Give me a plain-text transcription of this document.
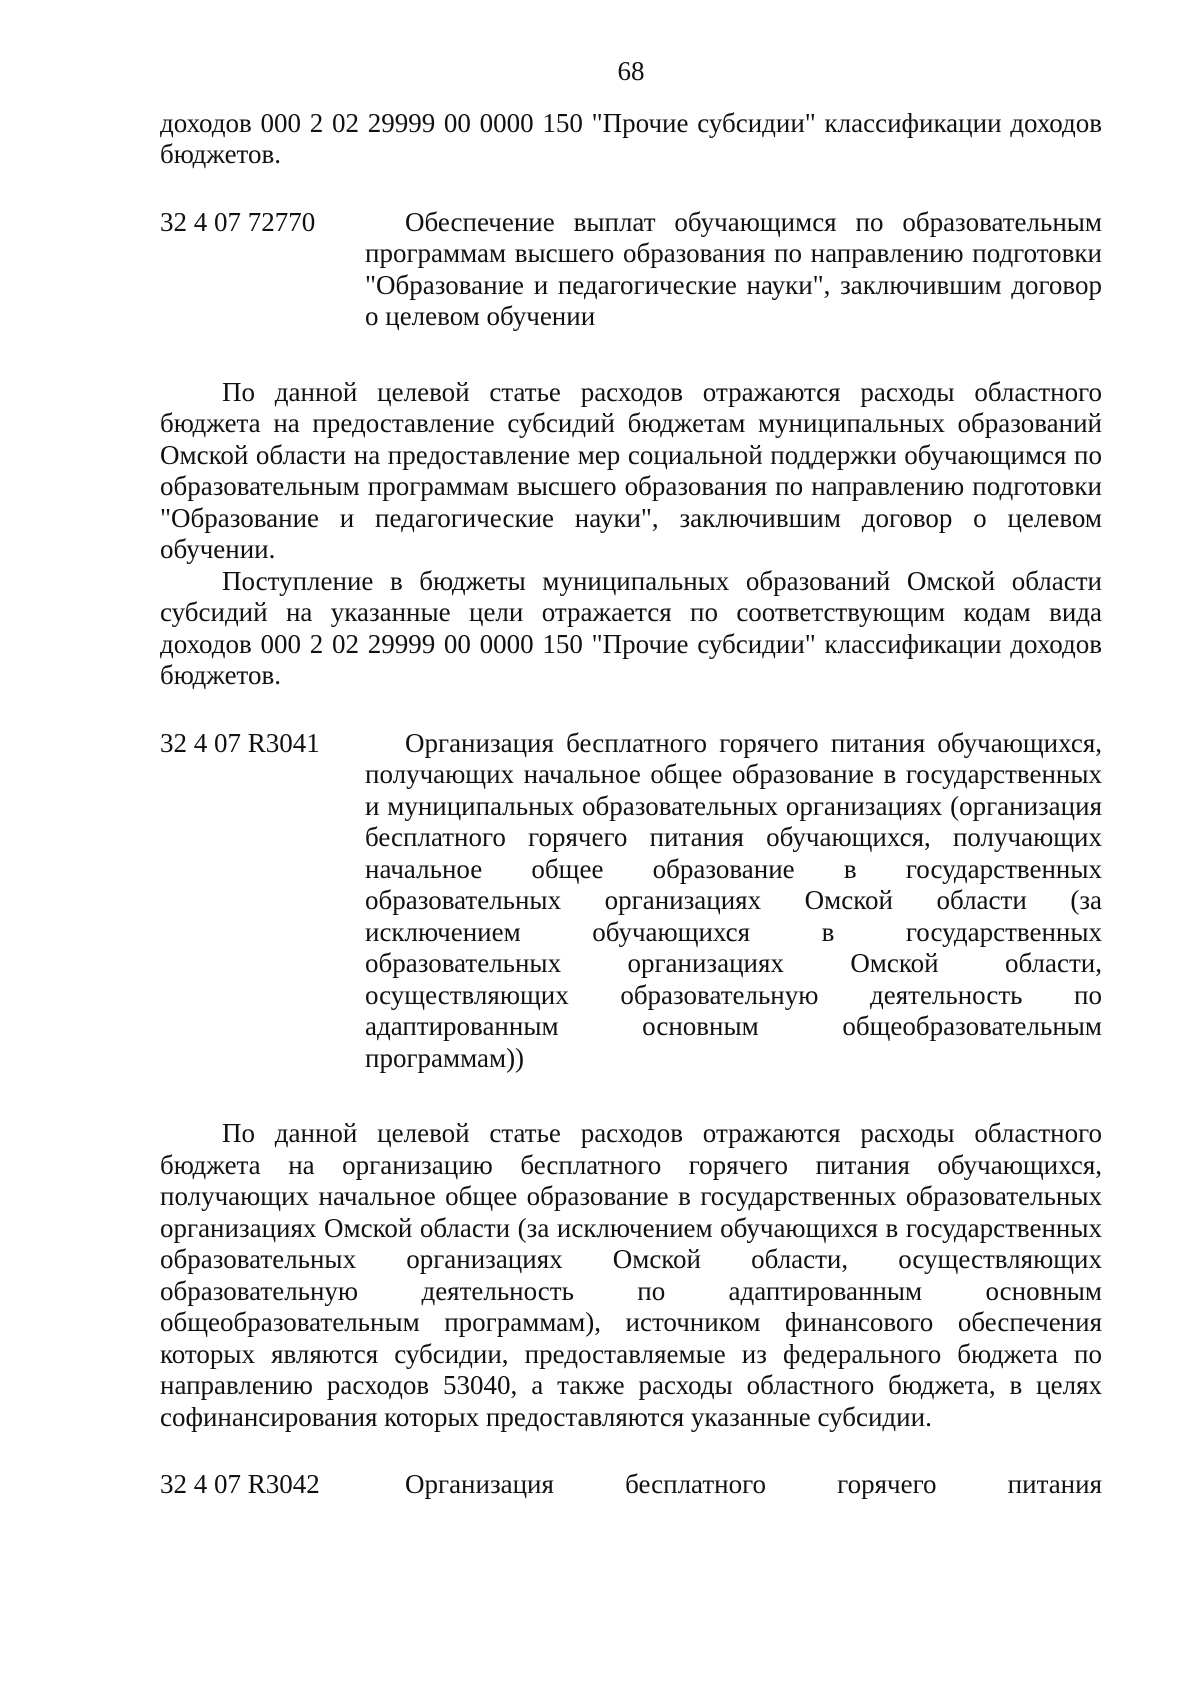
68

доходов 000 2 02 29999 00 0000 150 "Прочие субсидии" классификации доходов бюджетов.

32 4 07 72770	Обеспечение выплат обучающимся по образовательным программам высшего образования по направлению подготовки "Образование и педагогические науки", заключившим договор о целевом обучении

По данной целевой статье расходов отражаются расходы областного бюджета на предоставление субсидий бюджетам муниципальных образований Омской области на предоставление мер социальной поддержки обучающимся по образовательным программам высшего образования по направлению подготовки "Образование и педагогические науки", заключившим договор о целевом обучении.

Поступление в бюджеты муниципальных образований Омской области субсидий на указанные цели отражается по соответствующим кодам вида доходов 000 2 02 29999 00 0000 150 "Прочие субсидии" классификации доходов бюджетов.

32 4 07 R3041	Организация бесплатного горячего питания обучающихся, получающих начальное общее образование в государственных и муниципальных образовательных организациях (организация бесплатного горячего питания обучающихся, получающих начальное общее образование в государственных образовательных организациях Омской области (за исключением обучающихся в государственных образовательных организациях Омской области, осуществляющих образовательную деятельность по адаптированным основным общеобразовательным программам))

По данной целевой статье расходов отражаются расходы областного бюджета на организацию бесплатного горячего питания обучающихся, получающих начальное общее образование в государственных образовательных организациях Омской области (за исключением обучающихся в государственных образовательных организациях Омской области, осуществляющих образовательную деятельность по адаптированным основным общеобразовательным программам), источником финансового обеспечения которых являются субсидии, предоставляемые из федерального бюджета по направлению расходов 53040, а также расходы областного бюджета, в целях софинансирования которых предоставляются указанные субсидии.

32 4 07 R3042	Организация бесплатного горячего питания
